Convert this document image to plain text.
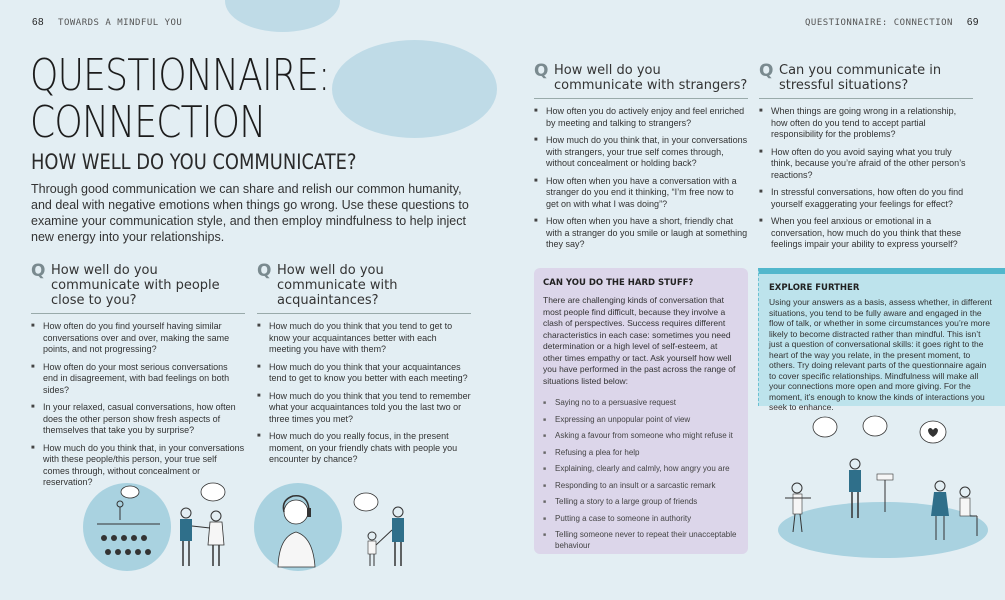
68 TOWARDS A MINDFUL YOU
QUESTIONNAIRE:
CONNECTION
HOW WELL DO YOU COMMUNICATE?

Through good communication we can share and relish our common humanity, and deal with negative emotions when things go wrong. Use these questions to examine your communication style, and then employ mindfulness to help inject new energy into your relationships.

Q How well do you communicate with people close to you?
■ How often do you find yourself having similar conversations over and over, making the same points, and not progressing?
■ How often do your most serious conversations end in disagreement, with bad feelings on both sides?
■ In your relaxed, casual conversations, how often does the other person show fresh aspects of themselves that take you by surprise?
■ How much do you think that, in your conversations with these people/this person, your true self comes through, without concealment or reservation?
Q How well do you communicate with acquaintances?
■ How much do you think that you tend to get to know your acquaintances better with each meeting you have with them?
■ How much do you think that your acquaintances tend to get to know you better with each meeting?
■ How much do you think that you tend to remember what your acquaintances told you the last two or three times you met?
■ How much do you really focus, in the present moment, on your friendly chats with people you encounter by chance?
QUESTIONNAIRE: CONNECTION 69
Q How well do you communicate with strangers?
■ How often you do actively enjoy and feel enriched by meeting and talking to strangers?
■ How much do you think that, in your conversations with strangers, your true self comes through, without concealment or holding back?
■ How often when you have a conversation with a stranger do you end it thinking, “I’m free now to get on with what I was doing”?
■ How often when you have a short, friendly chat with a stranger do you smile or laugh at something they say?
Q Can you communicate in stressful situations?
■ When things are going wrong in a relationship, how often do you tend to accept partial responsibility for the problems?
■ How often do you avoid saying what you truly think, because you’re afraid of the other person’s reactions?
■ In stressful conversations, how often do you find yourself exaggerating your feelings for effect?
■ When you feel anxious or emotional in a conversation, how much do you think that these feelings impair your ability to express yourself?
CAN YOU DO THE HARD STUFF?

There are challenging kinds of conversation that most people find difficult, because they involve a clash of perspectives. Success requires different characteristics in each case: sometimes you need determination or a high level of self-esteem, at other times empathy or tact. Ask yourself how well you have performed in the past across the range of situations listed below:

■ Saying no to a persuasive request
■ Expressing an unpopular point of view
■ Asking a favour from someone who might refuse it
■ Refusing a plea for help
■ Explaining, clearly and calmly, how angry you are
■ Responding to an insult or a sarcastic remark
■ Telling a story to a large group of friends
■ Putting a case to someone in authority
■ Telling someone never to repeat their unacceptable behaviour
EXPLORE FURTHER

Using your answers as a basis, assess whether, in different situations, you tend to be fully aware and engaged in the flow of talk, or whether in some circumstances you’re more likely to become distracted rather than mindful. This isn’t just a question of conversational skills: it goes right to the heart of the way you relate, in the present moment, to others. Try doing relevant parts of the questionnaire again to cover specific relationships. Mindfulness will make all your connections more open and more giving. For the moment, it’s enough to know the kinds of interactions you seek to enhance.
